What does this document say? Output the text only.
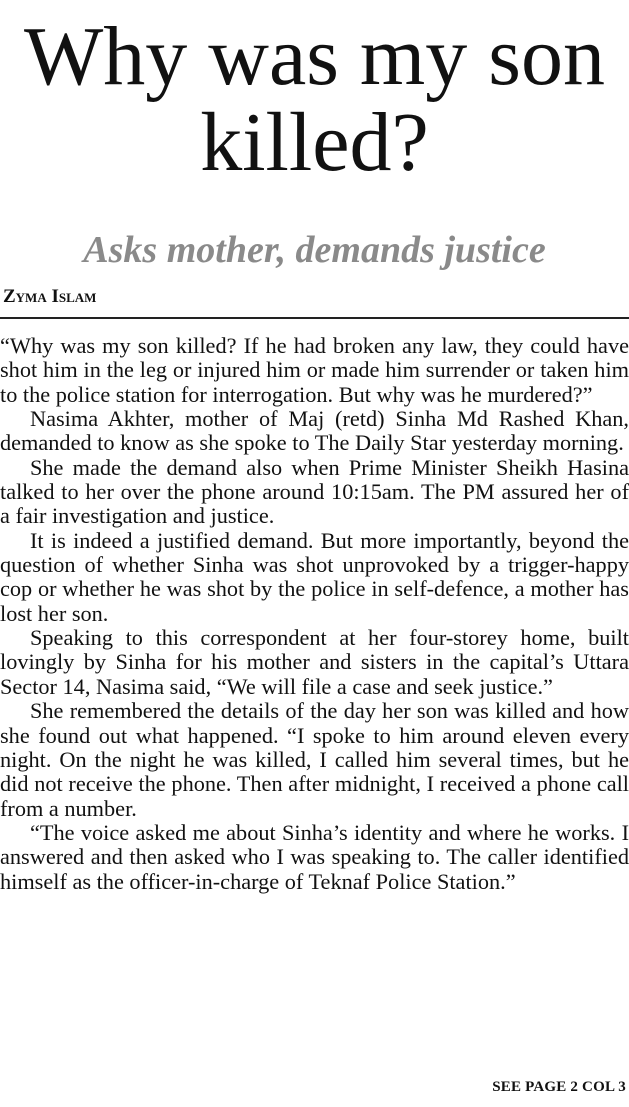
Why was my son killed?
Asks mother, demands justice
Zyma Islam

“Why was my son killed? If he had broken any law, they could have shot him in the leg or injured him or made him surrender or taken him to the police station for interrogation. But why was he murdered?”

Nasima Akhter, mother of Maj (retd) Sinha Md Rashed Khan, demanded to know as she spoke to The Daily Star yesterday morning.

She made the demand also when Prime Minister Sheikh Hasina talked to her over the phone around 10:15am. The PM assured her of a fair investigation and justice.

It is indeed a justified demand. But more importantly, beyond the question of whether Sinha was shot unprovoked by a trigger-happy cop or whether he was shot by the police in self-defence, a mother has lost her son.

Speaking to this correspondent at her four-storey home, built lovingly by Sinha for his mother and sisters in the capital’s Uttara Sector 14, Nasima said, “We will file a case and seek justice.”

She remembered the details of the day her son was killed and how she found out what happened. “I spoke to him around eleven every night. On the night he was killed, I called him several times, but he did not receive the phone. Then after midnight, I received a phone call from a number.

“The voice asked me about Sinha’s identity and where he works. I answered and then asked who I was speaking to. The caller identified himself as the officer-in-charge of Teknaf Police Station.”

SEE PAGE 2 COL 3
